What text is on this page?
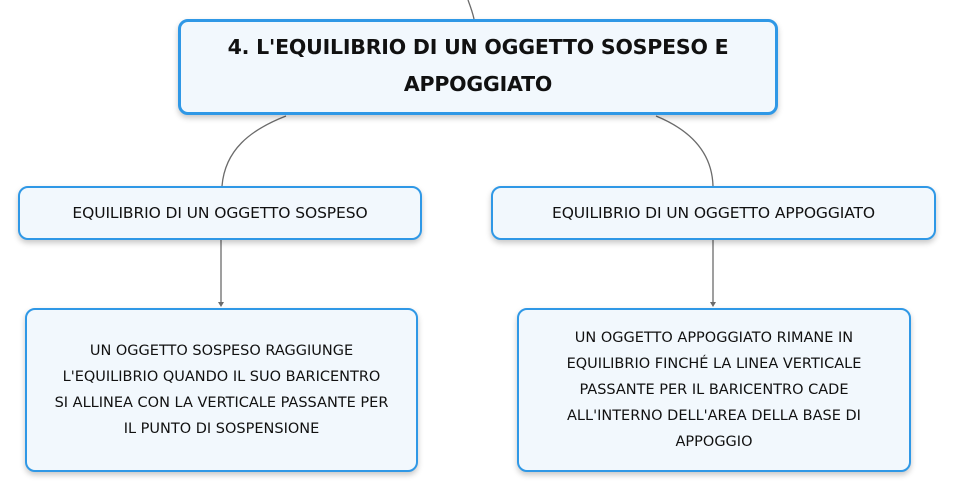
4. L'EQUILIBRIO DI UN OGGETTO SOSPESO E
APPOGGIATO
EQUILIBRIO DI UN OGGETTO SOSPESO	EQUILIBRIO DI UN OGGETTO APPOGGIATO
UN OGGETTO SOSPESO RAGGIUNGE
L'EQUILIBRIO QUANDO IL SUO BARICENTRO
SI ALLINEA CON LA VERTICALE PASSANTE PER
IL PUNTO DI SOSPENSIONE
UN OGGETTO APPOGGIATO RIMANE IN
EQUILIBRIO FINCHÉ LA LINEA VERTICALE
PASSANTE PER IL BARICENTRO CADE
ALL'INTERNO DELL'AREA DELLA BASE DI
APPOGGIO
